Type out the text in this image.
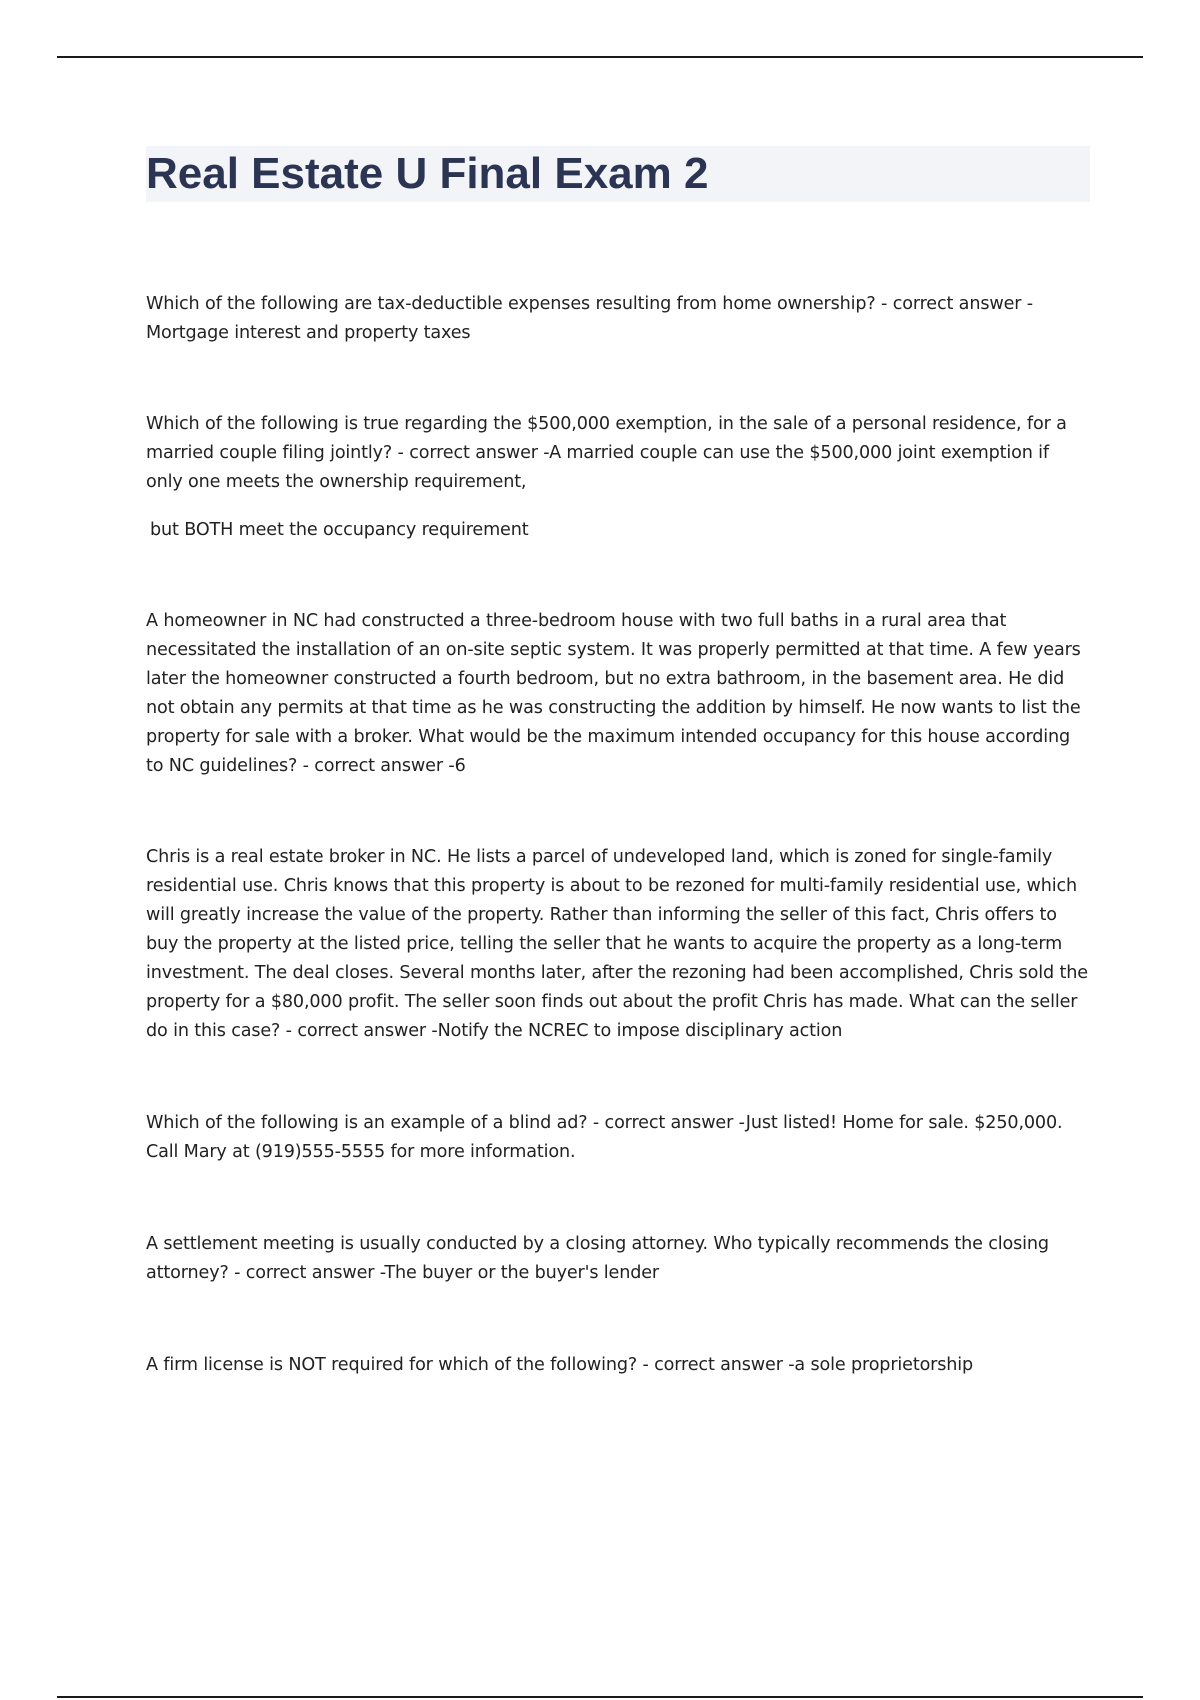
Real Estate U Final Exam 2

Which of the following are tax-deductible expenses resulting from home ownership? - correct answer - Mortgage interest and property taxes

Which of the following is true regarding the $500,000 exemption, in the sale of a personal residence, for a married couple filing jointly? - correct answer -A married couple can use the $500,000 joint exemption if only one meets the ownership requirement,

but BOTH meet the occupancy requirement

A homeowner in NC had constructed a three-bedroom house with two full baths in a rural area that necessitated the installation of an on-site septic system. It was properly permitted at that time. A few years later the homeowner constructed a fourth bedroom, but no extra bathroom, in the basement area. He did not obtain any permits at that time as he was constructing the addition by himself. He now wants to list the property for sale with a broker. What would be the maximum intended occupancy for this house according to NC guidelines? - correct answer -6

Chris is a real estate broker in NC. He lists a parcel of undeveloped land, which is zoned for single-family residential use. Chris knows that this property is about to be rezoned for multi-family residential use, which will greatly increase the value of the property. Rather than informing the seller of this fact, Chris offers to buy the property at the listed price, telling the seller that he wants to acquire the property as a long-term investment. The deal closes. Several months later, after the rezoning had been accomplished, Chris sold the property for a $80,000 profit. The seller soon finds out about the profit Chris has made. What can the seller do in this case? - correct answer -Notify the NCREC to impose disciplinary action

Which of the following is an example of a blind ad? - correct answer -Just listed! Home for sale. $250,000. Call Mary at (919)555-5555 for more information.

A settlement meeting is usually conducted by a closing attorney. Who typically recommends the closing attorney? - correct answer -The buyer or the buyer's lender

A firm license is NOT required for which of the following? - correct answer -a sole proprietorship
